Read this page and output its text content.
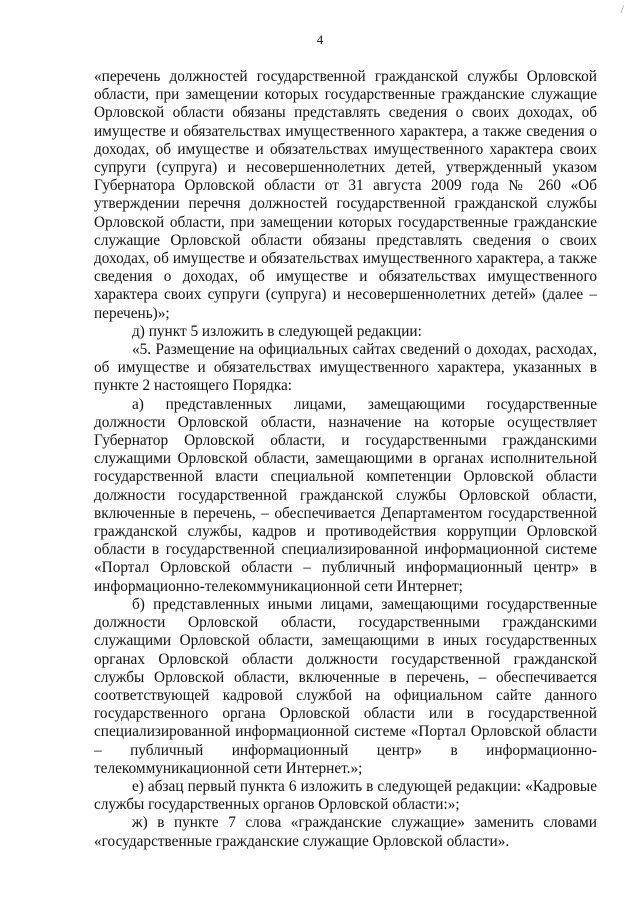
/
4

«перечень должностей государственной гражданской службы Орловской области, при замещении которых государственные гражданские служащие Орловской области обязаны представлять сведения о своих доходах, об имуществе и обязательствах имущественного характера, а также сведения о доходах, об имуществе и обязательствах имущественного характера своих супруги (супруга) и несовершеннолетних детей, утвержденный указом Губернатора Орловской области от 31 августа 2009 года № 260 «Об утверждении перечня должностей государственной гражданской службы Орловской области, при замещении которых государственные гражданские служащие Орловской области обязаны представлять сведения о своих доходах, об имуществе и обязательствах имущественного характера, а также сведения о доходах, об имуществе и обязательствах имущественного характера своих супруги (супруга) и несовершеннолетних детей» (далее – перечень)»;

д) пункт 5 изложить в следующей редакции:

«5. Размещение на официальных сайтах сведений о доходах, расходах, об имуществе и обязательствах имущественного характера, указанных в пункте 2 настоящего Порядка:

а) представленных лицами, замещающими государственные должности Орловской области, назначение на которые осуществляет Губернатор Орловской области, и государственными гражданскими служащими Орловской области, замещающими в органах исполнительной государственной власти специальной компетенции Орловской области должности государственной гражданской службы Орловской области, включенные в перечень, – обеспечивается Департаментом государственной гражданской службы, кадров и противодействия коррупции Орловской области в государственной специализированной информационной системе «Портал Орловской области – публичный информационный центр» в информационно-телекоммуникационной сети Интернет;

б) представленных иными лицами, замещающими государственные должности Орловской области, государственными гражданскими служащими Орловской области, замещающими в иных государственных органах Орловской области должности государственной гражданской службы Орловской области, включенные в перечень, – обеспечивается соответствующей кадровой службой на официальном сайте данного государственного органа Орловской области или в государственной специализированной информационной системе «Портал Орловской области – публичный информационный центр» в информационно-телекоммуникационной сети Интернет.»;

е) абзац первый пункта 6 изложить в следующей редакции: «Кадровые службы государственных органов Орловской области:»;

ж) в пункте 7 слова «гражданские служащие» заменить словами «государственные гражданские служащие Орловской области».
